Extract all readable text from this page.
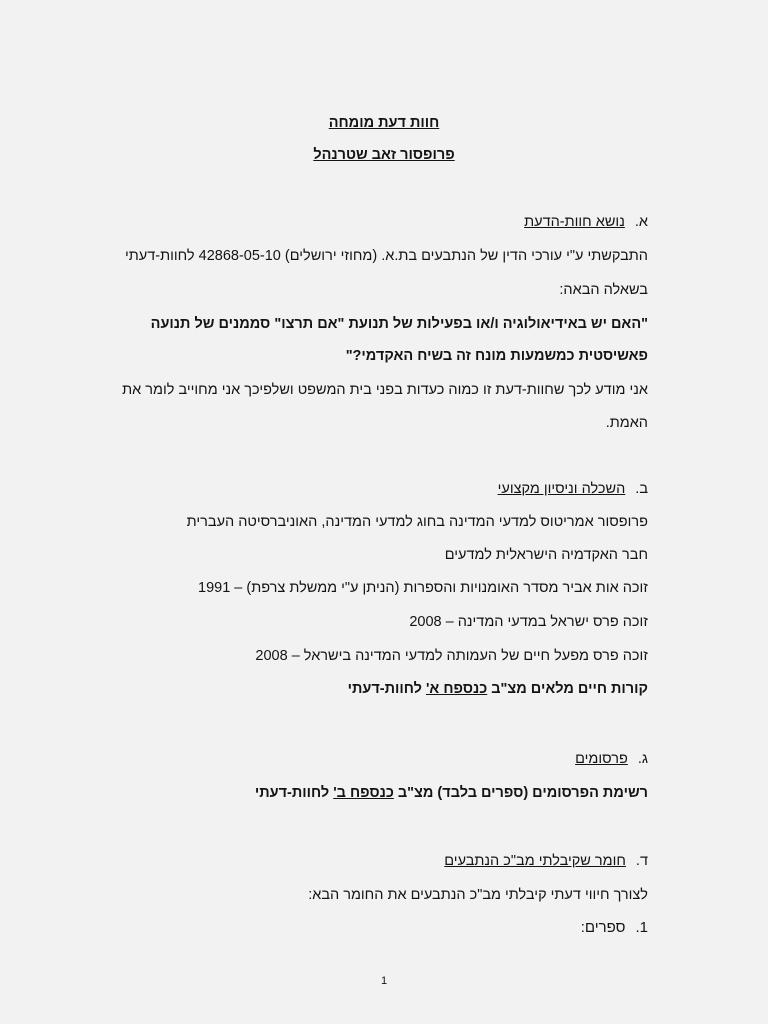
חוות דעת מומחה
פרופסור זאב שטרנהל
א.נושא חוות-הדעת
התבקשתי ע"י עורכי הדין של הנתבעים בת.א. (מחוזי ירושלים) 42868-05-10 לחוות-דעתי
בשאלה הבאה:
"האם יש באידיאולוגיה ו/או בפעילות של תנועת "אם תרצו" סממנים של תנועה
פאשיסטית כמשמעות מונח זה בשיח האקדמי?"
אני מודע לכך שחוות-דעת זו כמוה כעדות בפני בית המשפט ושלפיכך אני מחוייב לומר את
האמת.
ב.השכלה וניסיון מקצועי
פרופסור אמריטוס למדעי המדינה בחוג למדעי המדינה, האוניברסיטה העברית
חבר האקדמיה הישראלית למדעים
זוכה אות אביר מסדר האומנויות והספרות (הניתן ע"י ממשלת צרפת) – 1991
זוכה פרס ישראל במדעי המדינה – 2008
זוכה פרס מפעל חיים של העמותה למדעי המדינה בישראל – 2008
קורות חיים מלאים מצ"ב כנספח א' לחוות-דעתי
ג.פרסומים
רשימת הפרסומים (ספרים בלבד) מצ"ב כנספח ב' לחוות-דעתי
ד.חומר שקיבלתי מב"כ הנתבעים
לצורך חיווי דעתי קיבלתי מב"כ הנתבעים את החומר הבא:
1.ספרים:
1
